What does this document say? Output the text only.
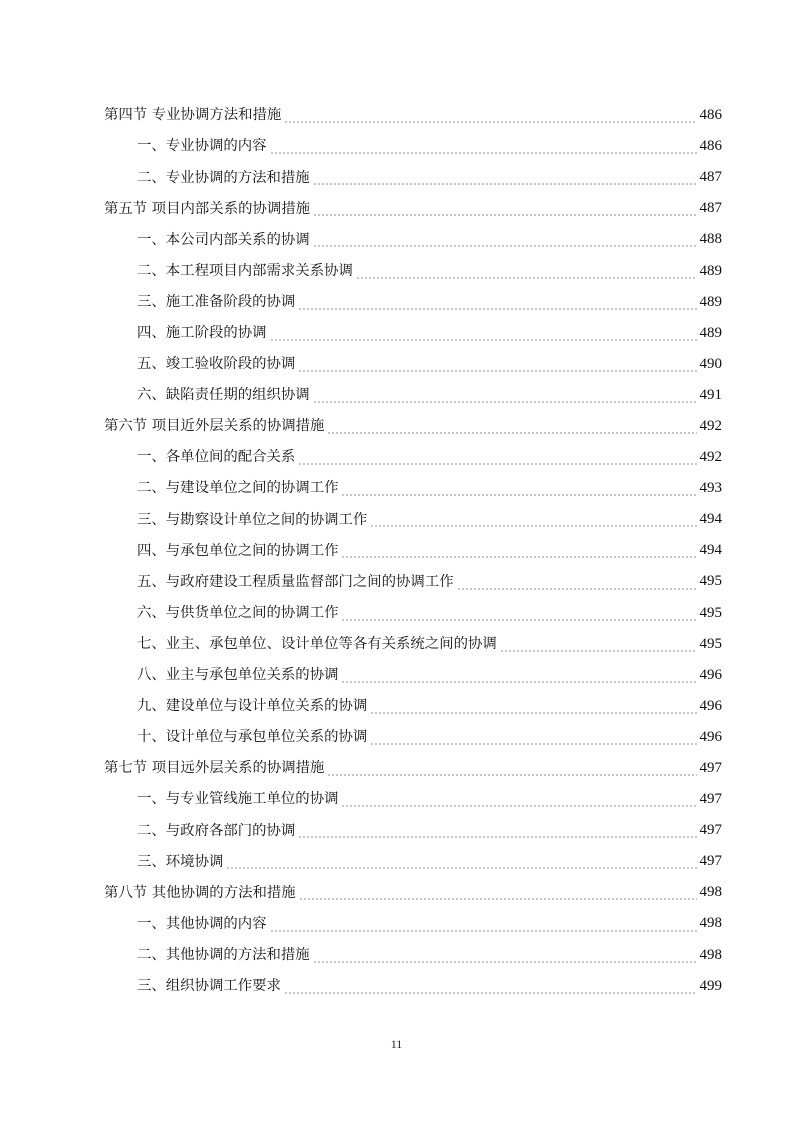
第四节 专业协调方法和措施	486
一、专业协调的内容	486
二、专业协调的方法和措施	487
第五节 项目内部关系的协调措施	487
一、本公司内部关系的协调	488
二、本工程项目内部需求关系协调	489
三、施工准备阶段的协调	489
四、施工阶段的协调	489
五、竣工验收阶段的协调	490
六、缺陷责任期的组织协调	491
第六节 项目近外层关系的协调措施	492
一、各单位间的配合关系	492
二、与建设单位之间的协调工作	493
三、与勘察设计单位之间的协调工作	494
四、与承包单位之间的协调工作	494
五、与政府建设工程质量监督部门之间的协调工作	495
六、与供货单位之间的协调工作	495
七、业主、承包单位、设计单位等各有关系统之间的协调	495
八、业主与承包单位关系的协调	496
九、建设单位与设计单位关系的协调	496
十、设计单位与承包单位关系的协调	496
第七节 项目远外层关系的协调措施	497
一、与专业管线施工单位的协调	497
二、与政府各部门的协调	497
三、环境协调	497
第八节 其他协调的方法和措施	498
一、其他协调的内容	498
二、其他协调的方法和措施	498
三、组织协调工作要求	499
11
